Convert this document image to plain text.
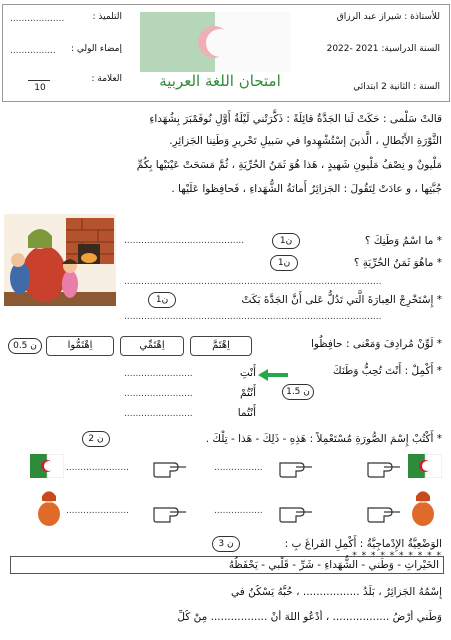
التلميذ :
...................
إمضاء الولي :
................
العلامة :
10	امتحان اللغة العربية
للأستاذة : شيراز عبد الرزاق
السنة الدراسية: 2021 -2022
السنة : الثانية 2 ابتدائي
قالتْ سَلْمى : حَكَتْ لَنا الجَدَّةُ قائِلَةً : ذَكَّرَتْني لَيْلَةُ أَوَّلِ نُوفَمْبَرَ بِشُهَداءِ
الثَّوْرَةِ الأَبْطالِ ، الَّذينَ إسْتُشْهِدوا في سَبيلِ تَحْريرِ وَطَنِنا الجَزائِرِ.
مَلْيونٌ و نِصْفُ مَلْيونِ شَهيدٍ ، هَذا هُوَ ثَمَنُ الحُرِّيَةِ ، ثُمَّ مَسَحَتْ عَيْنَيْها بِكُمِّ
جُبَّتِها ، و عادَتْ لِتَقُولَ : الجَزائِرُ أَمانَةُ الشُّهَداءِ ، فَحافِظوا عَلَيْها .
* ما اسْمُ وَطَنِكَ ؟
1ن
..........................................
* ماهُوَ ثَمَنُ الحُرِّيَةِ ؟
1ن
..........................................................................................
* إِسْتَخْرِجْ العِبارَةَ الَّتي تَدُلُّ عَلى أَنَّ الجَدَّةَ بَكَتْ
1ن
..........................................................................................
* لَوِّنْ مُرادِفَ وَمَعْنى : حافِظُوا
اِهْتَمَّ
اِهْتَمِّي
اِهْتَمُّوا
0.5 ن
* أَكْمِلْ : أَنْتَ تُحِبُّ وَطَنَكَ
أَنْتِ
........................
1.5 ن
أَنْتُمْ
........................
أَنْتُما
........................
* أَكْتُبْ إِسْمَ الصُّورَةِ مُسْتَعْمِلاً : هَذِهِ - ذَلِكَ - هَذا - تِلْكَ .
2 ن
.................
......................
.................
......................
الوَضْعِيَّةُ الإِدْماجِيَّةُ : أَكْمِلِ الفَراغَ بِ :
3 ن
* * * * * * * * * *
الخَيْراتِ - وَطَني - الشُّهَداءِ - شَرِّ - قَلْبي - يَحْفَظُهُ
إِسْمُهُ الجَزائِرُ ، بَلَدُ ................. ، حُبُّهُ يَسْكُنُ في
وَطَني أَرْضُ ................. ، أَدْعُو اللهَ أَنْ ................. مِنْ كُلِّ
